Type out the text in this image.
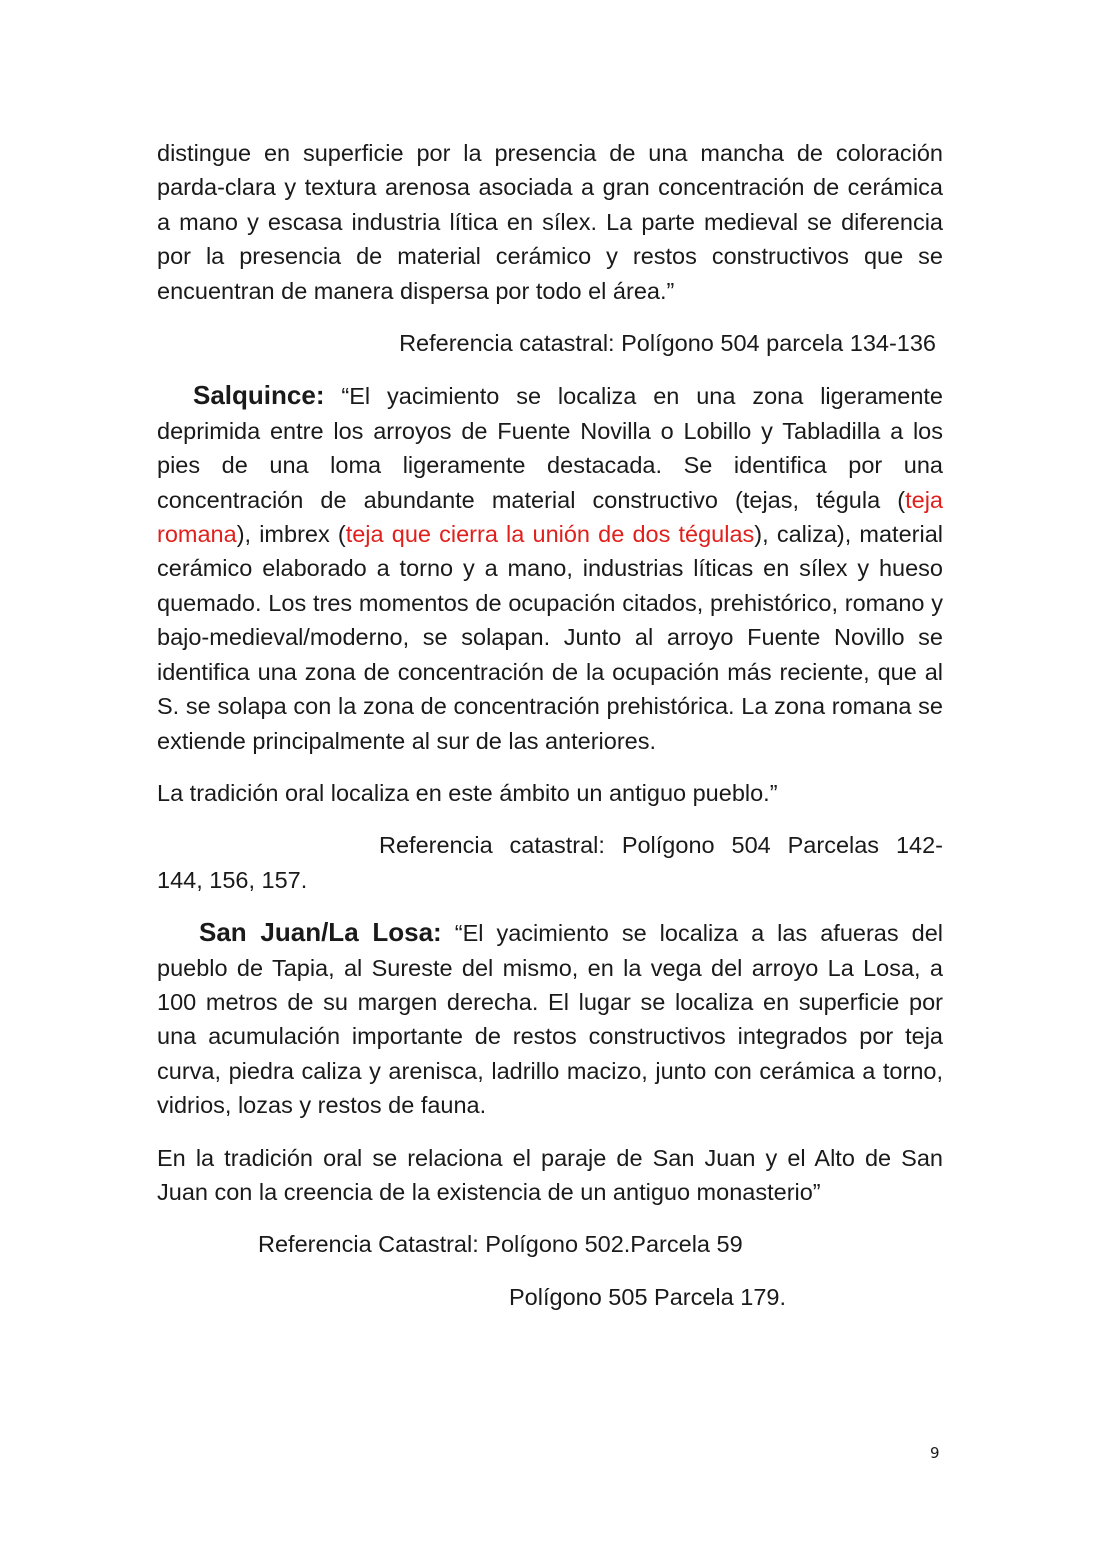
distingue en superficie por la presencia de una mancha de coloración parda-clara y textura arenosa asociada a gran concentración de cerámica a mano y escasa industria lítica en sílex. La parte medieval se diferencia por la presencia de material cerámico y restos constructivos que se encuentran de manera dispersa por todo el área.”

Referencia catastral: Polígono 504 parcela 134-136

Salquince: “El yacimiento se localiza en una zona ligeramente deprimida entre los arroyos de Fuente Novilla o Lobillo y Tabladilla a los pies de una loma ligeramente destacada. Se identifica por una concentración de abundante material constructivo (tejas, tégula (teja romana), imbrex (teja que cierra la unión de dos tégulas), caliza), material cerámico elaborado a torno y a mano, industrias líticas en sílex y hueso quemado. Los tres momentos de ocupación citados, prehistórico, romano y bajo-medieval/moderno, se solapan. Junto al arroyo Fuente Novillo se identifica una zona de concentración de la ocupación más reciente, que al S. se solapa con la zona de concentración prehistórica. La zona romana se extiende principalmente al sur de las anteriores.

La tradición oral localiza en este ámbito un antiguo pueblo.”

Referencia catastral: Polígono 504 Parcelas 142- 144, 156, 157.

San Juan/La Losa: “El yacimiento se localiza a las afueras del pueblo de Tapia, al Sureste del mismo, en la vega del arroyo La Losa, a 100 metros de su margen derecha. El lugar se localiza en superficie por una acumulación importante de restos constructivos integrados por teja curva, piedra caliza y arenisca, ladrillo macizo, junto con cerámica a torno, vidrios, lozas y restos de fauna.

En la tradición oral se relaciona el paraje de San Juan y el Alto de San Juan con la creencia de la existencia de un antiguo monasterio”

Referencia Catastral: Polígono 502.Parcela 59

Polígono 505 Parcela 179.

9
